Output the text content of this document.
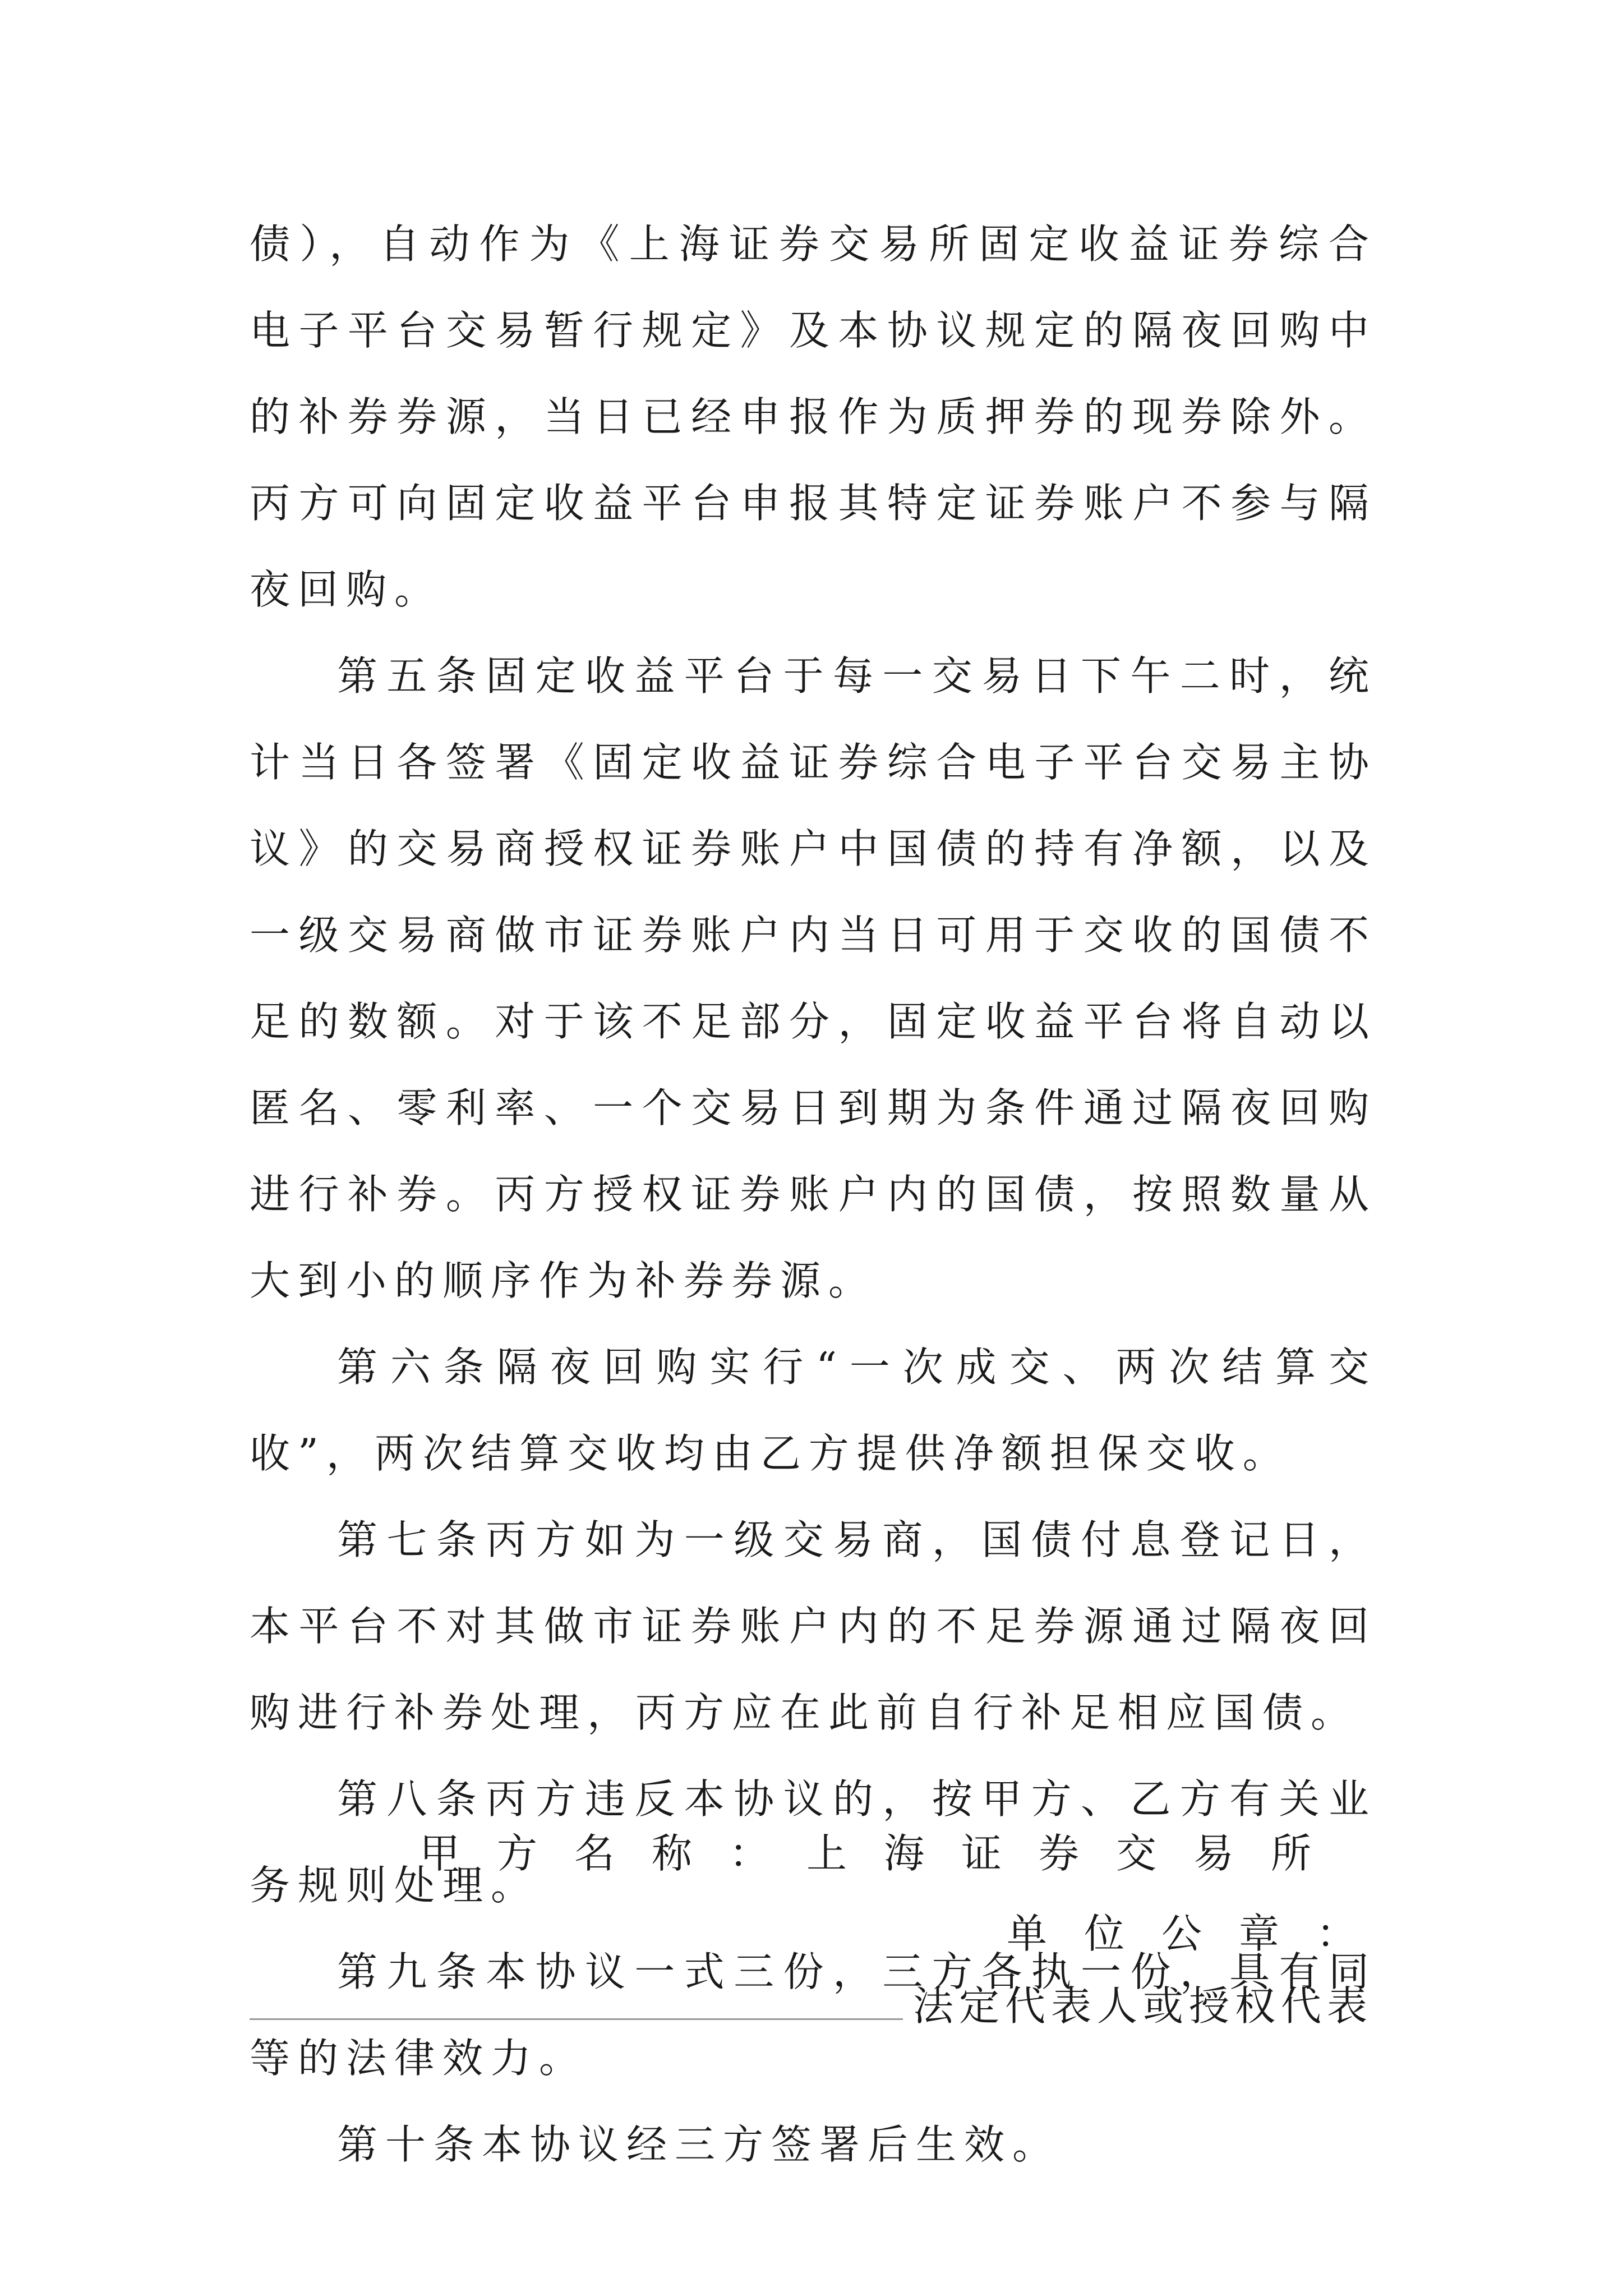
债），自动作为《上海证券交易所固定收益证券综合电子平台交易暂行规定》及本协议规定的隔夜回购中的补券券源，当日已经申报作为质押券的现券除外。丙方可向固定收益平台申报其特定证券账户不参与隔夜回购。

第五条固定收益平台于每一交易日下午二时，统计当日各签署《固定收益证券综合电子平台交易主协议》的交易商授权证券账户中国债的持有净额，以及一级交易商做市证券账户内当日可用于交收的国债不足的数额。对于该不足部分，固定收益平台将自动以匿名、零利率、一个交易日到期为条件通过隔夜回购进行补券。丙方授权证券账户内的国债，按照数量从大到小的顺序作为补券券源。

第六条隔夜回购实行“一次成交、两次结算交收”，两次结算交收均由乙方提供净额担保交收。

第七条丙方如为一级交易商，国债付息登记日，本平台不对其做市证券账户内的不足券源通过隔夜回购进行补券处理，丙方应在此前自行补足相应国债。

第八条丙方违反本协议的，按甲方、乙方有关业务规则处理。

第九条本协议一式三份，三方各执一份，具有同等的法律效力。

第十条本协议经三方签署后生效。

甲方名称：上海证券交易所
单位公章：
法定代表人或授权代表
